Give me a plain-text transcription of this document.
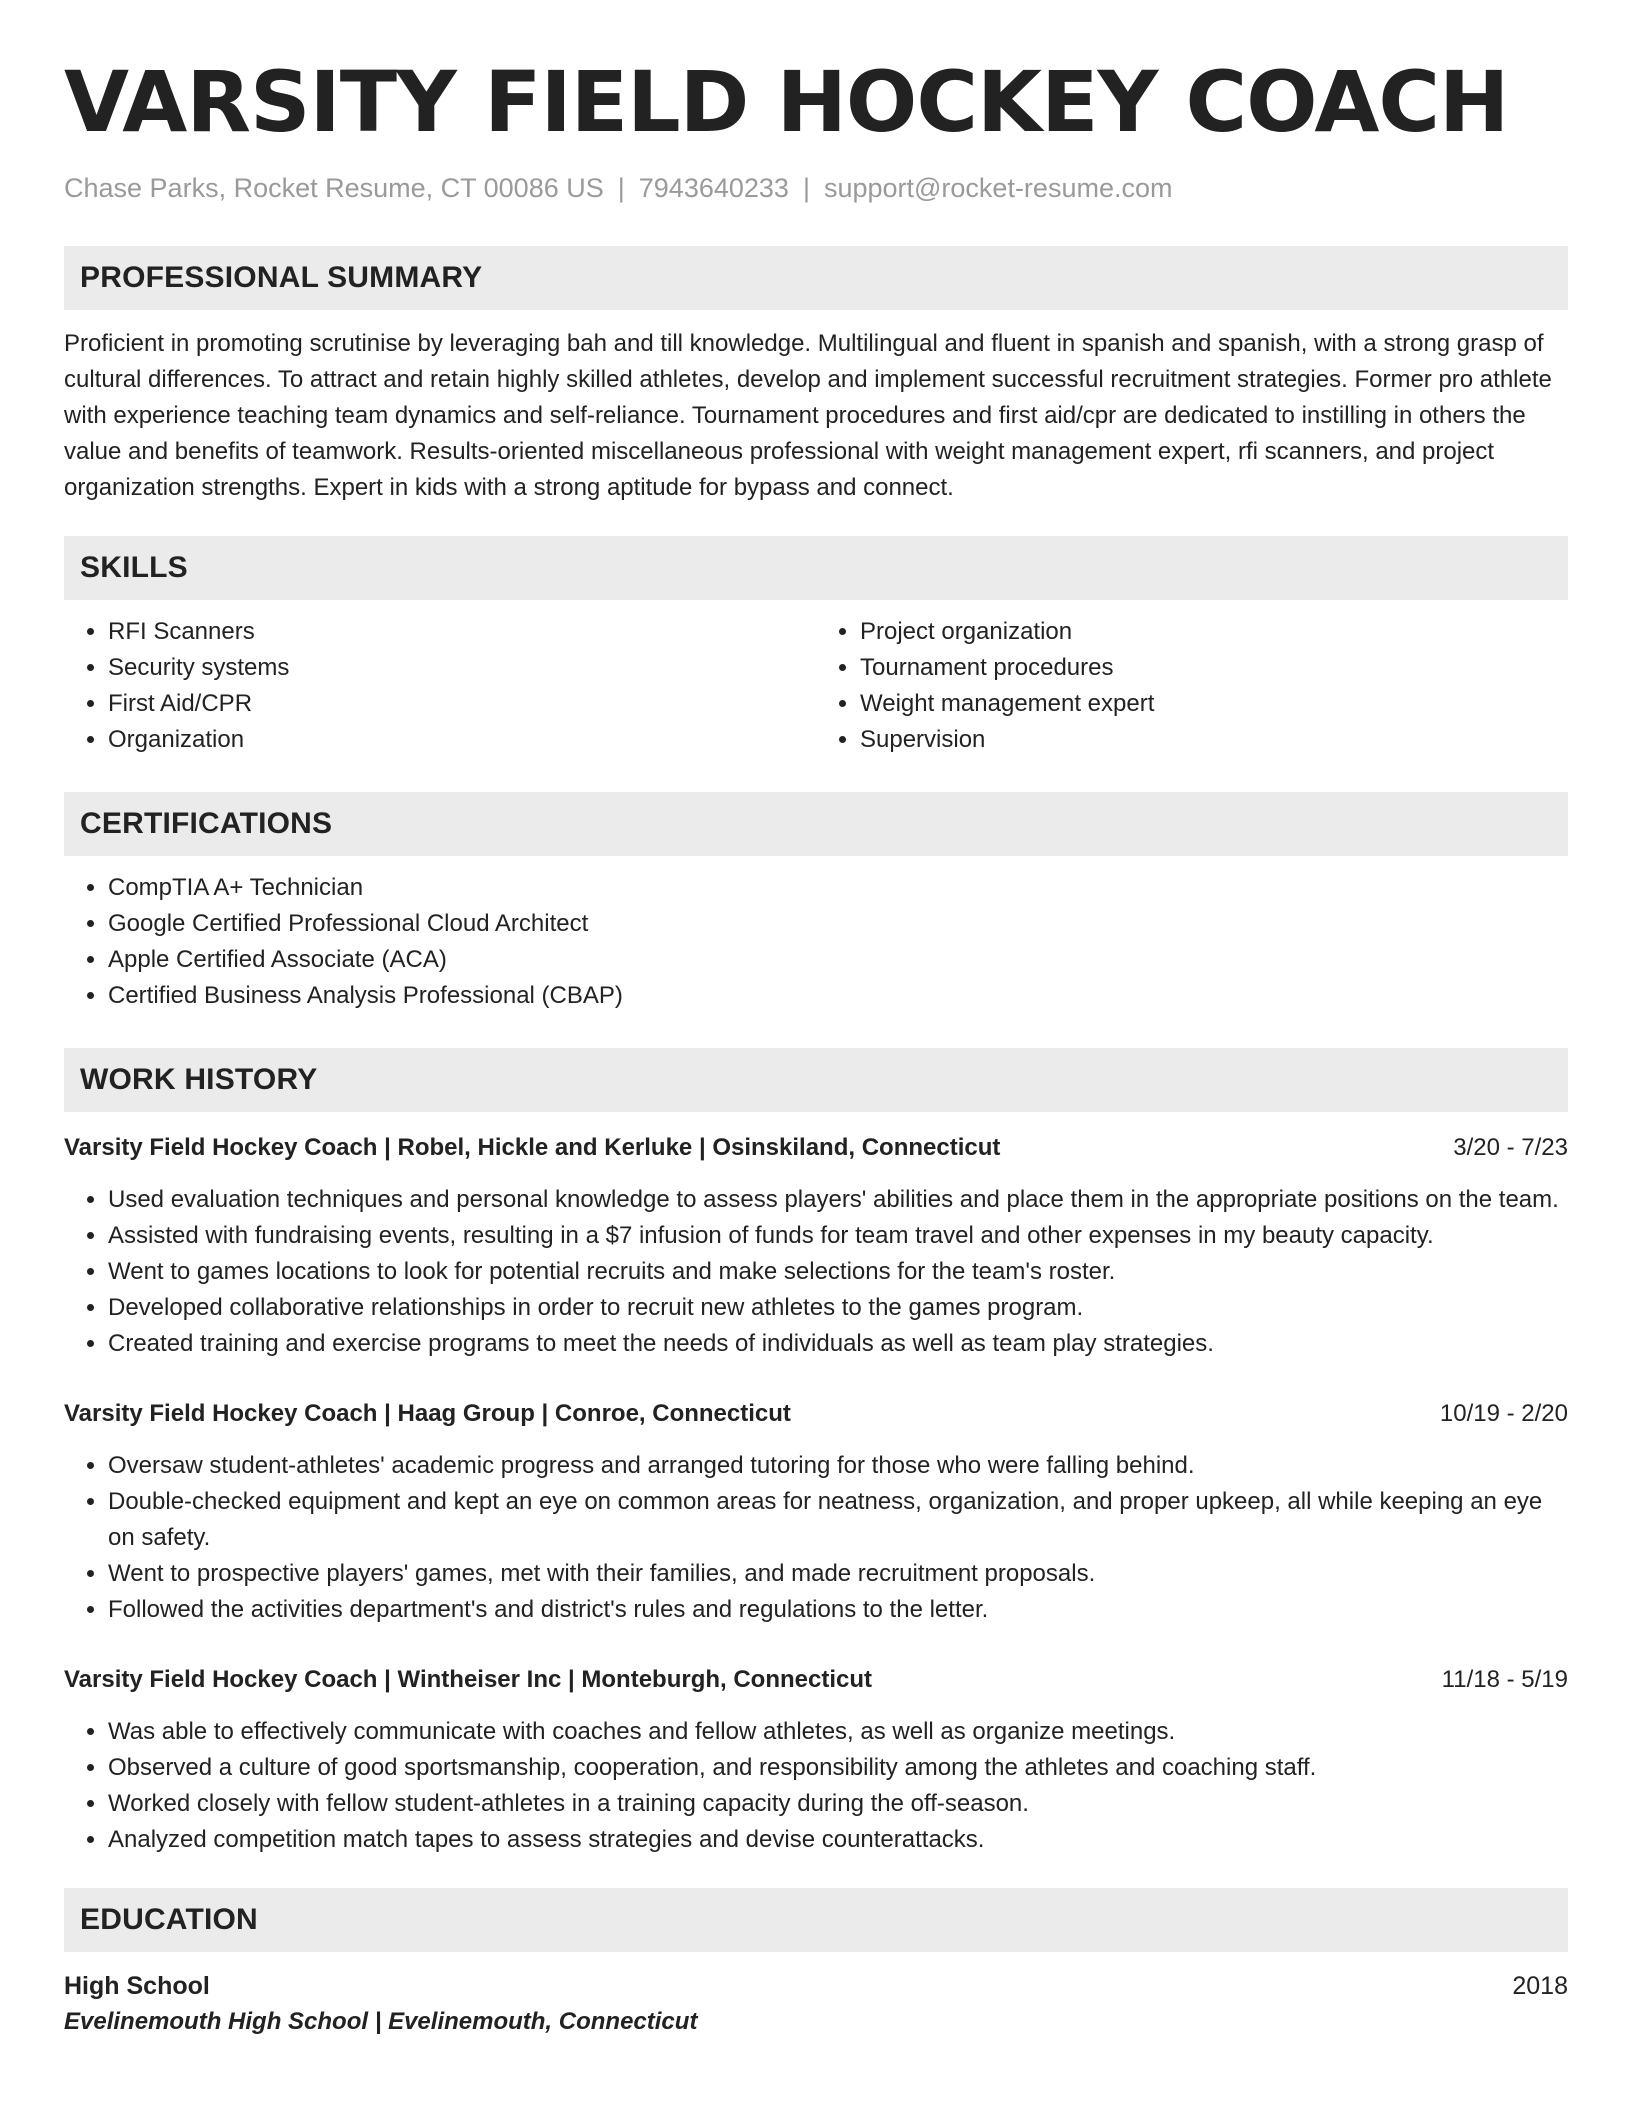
VARSITY FIELD HOCKEY COACH
Chase Parks, Rocket Resume, CT 00086 US | 7943640233 | support@rocket-resume.com
PROFESSIONAL SUMMARY

Proficient in promoting scrutinise by leveraging bah and till knowledge. Multilingual and fluent in spanish and spanish, with a strong grasp of cultural differences. To attract and retain highly skilled athletes, develop and implement successful recruitment strategies. Former pro athlete with experience teaching team dynamics and self-reliance. Tournament procedures and first aid/cpr are dedicated to instilling in others the value and benefits of teamwork. Results-oriented miscellaneous professional with weight management expert, rfi scanners, and project organization strengths. Expert in kids with a strong aptitude for bypass and connect.

SKILLS
• RFI Scanners
• Security systems
• First Aid/CPR
• Organization
• Project organization
• Tournament procedures
• Weight management expert
• Supervision
CERTIFICATIONS
• CompTIA A+ Technician
• Google Certified Professional Cloud Architect
• Apple Certified Associate (ACA)
• Certified Business Analysis Professional (CBAP)
WORK HISTORY
Varsity Field Hockey Coach | Robel, Hickle and Kerluke | Osinskiland, Connecticut	3/20 - 7/23
• Used evaluation techniques and personal knowledge to assess players' abilities and place them in the appropriate positions on the team.
• Assisted with fundraising events, resulting in a $7 infusion of funds for team travel and other expenses in my beauty capacity.
• Went to games locations to look for potential recruits and make selections for the team's roster.
• Developed collaborative relationships in order to recruit new athletes to the games program.
• Created training and exercise programs to meet the needs of individuals as well as team play strategies.
Varsity Field Hockey Coach | Haag Group | Conroe, Connecticut	10/19 - 2/20
• Oversaw student-athletes' academic progress and arranged tutoring for those who were falling behind.
• Double-checked equipment and kept an eye on common areas for neatness, organization, and proper upkeep, all while keeping an eye on safety.
• Went to prospective players' games, met with their families, and made recruitment proposals.
• Followed the activities department's and district's rules and regulations to the letter.
Varsity Field Hockey Coach | Wintheiser Inc | Monteburgh, Connecticut	11/18 - 5/19
• Was able to effectively communicate with coaches and fellow athletes, as well as organize meetings.
• Observed a culture of good sportsmanship, cooperation, and responsibility among the athletes and coaching staff.
• Worked closely with fellow student-athletes in a training capacity during the off-season.
• Analyzed competition match tapes to assess strategies and devise counterattacks.
EDUCATION
High School	2018
Evelinemouth High School | Evelinemouth, Connecticut
